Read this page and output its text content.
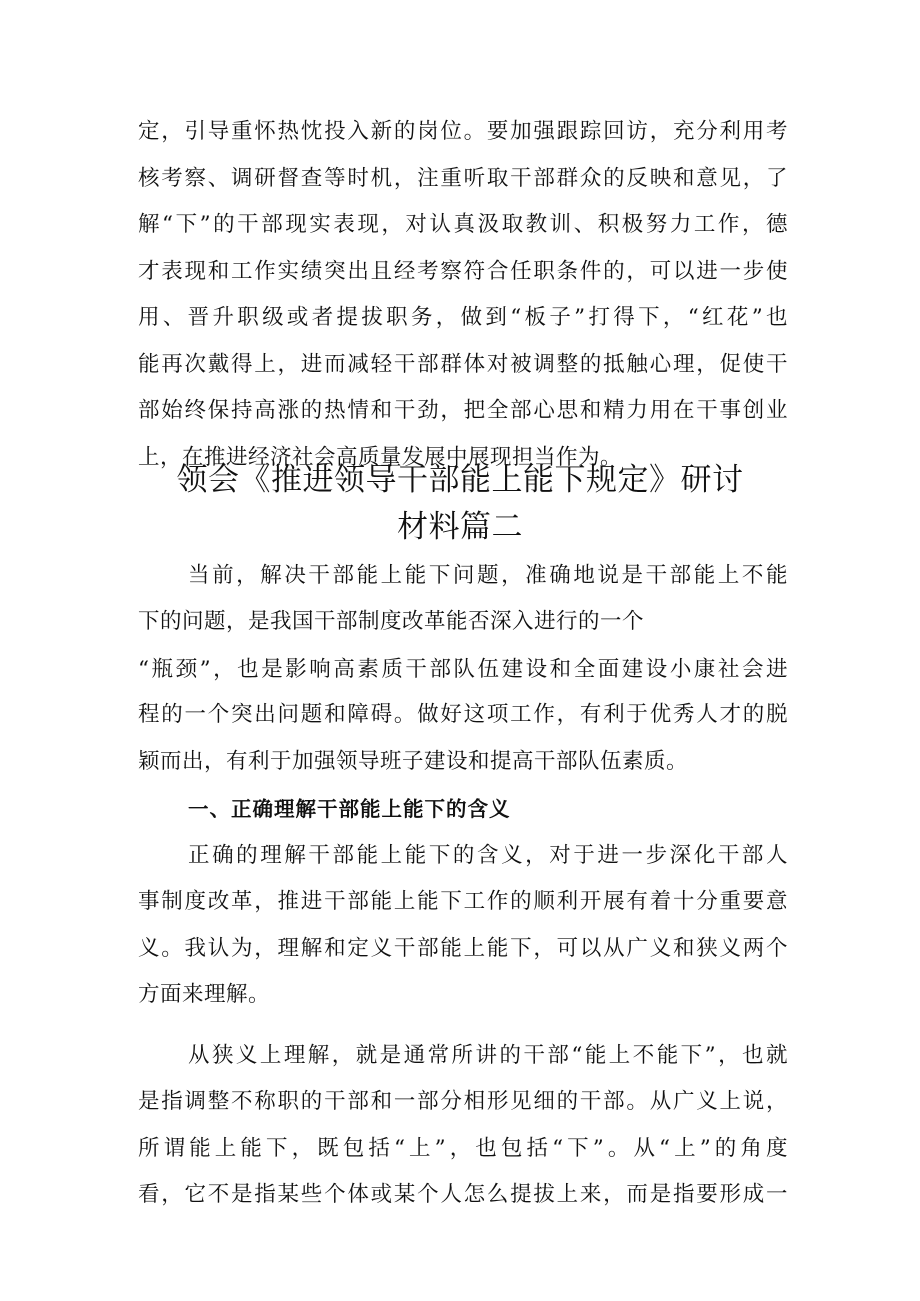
定，引导重怀热忱投入新的岗位。要加强跟踪回访，充分利用考
核考察、调研督查等时机，注重听取干部群众的反映和意见，了
解“下”的干部现实表现，对认真汲取教训、积极努力工作，德
才表现和工作实绩突出且经考察符合任职条件的，可以进一步使
用、晋升职级或者提拔职务，做到“板子”打得下，“红花”也
能再次戴得上，进而减轻干部群体对被调整的抵触心理，促使干
部始终保持高涨的热情和干劲，把全部心思和精力用在干事创业
上，在推进经济社会高质量发展中展现担当作为。
领会《推进领导干部能上能下规定》研讨
材料篇二
当前，解决干部能上能下问题，准确地说是干部能上不能
下的问题，是我国干部制度改革能否深入进行的一个
“瓶颈”，也是影响高素质干部队伍建设和全面建设小康社会进
程的一个突出问题和障碍。做好这项工作，有利于优秀人才的脱
颖而出，有利于加强领导班子建设和提高干部队伍素质。
一、正确理解干部能上能下的含义
正确的理解干部能上能下的含义，对于进一步深化干部人
事制度改革，推进干部能上能下工作的顺利开展有着十分重要意
义。我认为，理解和定义干部能上能下，可以从广义和狭义两个
方面来理解。
从狭义上理解，就是通常所讲的干部“能上不能下”，也就
是指调整不称职的干部和一部分相形见细的干部。从广义上说，
所谓能上能下，既包括“上”，也包括“下”。从“上”的角度
看，它不是指某些个体或某个人怎么提拔上来，而是指要形成一
